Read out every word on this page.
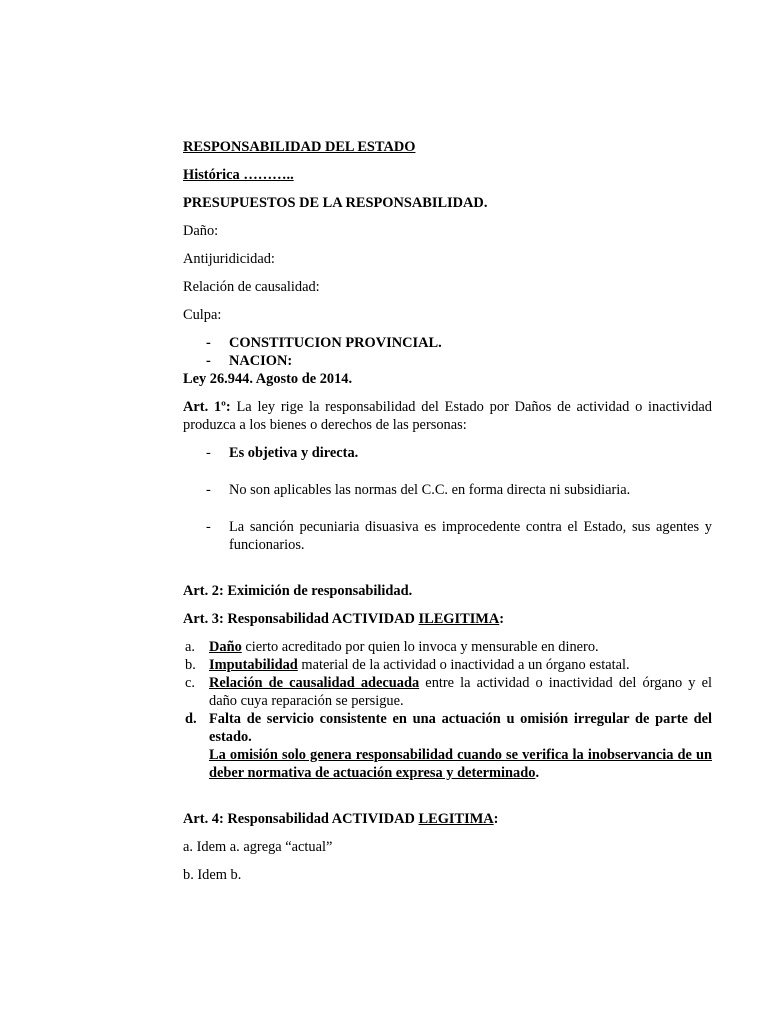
RESPONSABILIDAD DEL ESTADO

Histórica ………..

PRESUPUESTOS DE LA RESPONSABILIDAD.

Daño:

Antijuridicidad:

Relación de causalidad:

Culpa:

- CONSTITUCION PROVINCIAL.
- NACION:

Ley 26.944. Agosto de 2014.

Art. 1º: La ley rige la responsabilidad del Estado por Daños de actividad o inactividad produzca a los bienes o derechos de las personas:

- Es objetiva y directa.
- No son aplicables las normas del C.C. en forma directa ni subsidiaria.
- La sanción pecuniaria disuasiva es improcedente contra el Estado, sus agentes y funcionarios.

Art. 2: Eximición de responsabilidad.

Art. 3: Responsabilidad ACTIVIDAD ILEGITIMA:

a. Daño cierto acreditado por quien lo invoca y mensurable en dinero.
b. Imputabilidad material de la actividad o inactividad a un órgano estatal.
c. Relación de causalidad adecuada entre la actividad o inactividad del órgano y el daño cuya reparación se persigue.
d. Falta de servicio consistente en una actuación u omisión irregular de parte del estado.
La omisión solo genera responsabilidad cuando se verifica la inobservancia de un deber normativa de actuación expresa y determinado.

Art. 4: Responsabilidad ACTIVIDAD LEGITIMA:

a. Idem a. agrega “actual”

b. Idem b.
